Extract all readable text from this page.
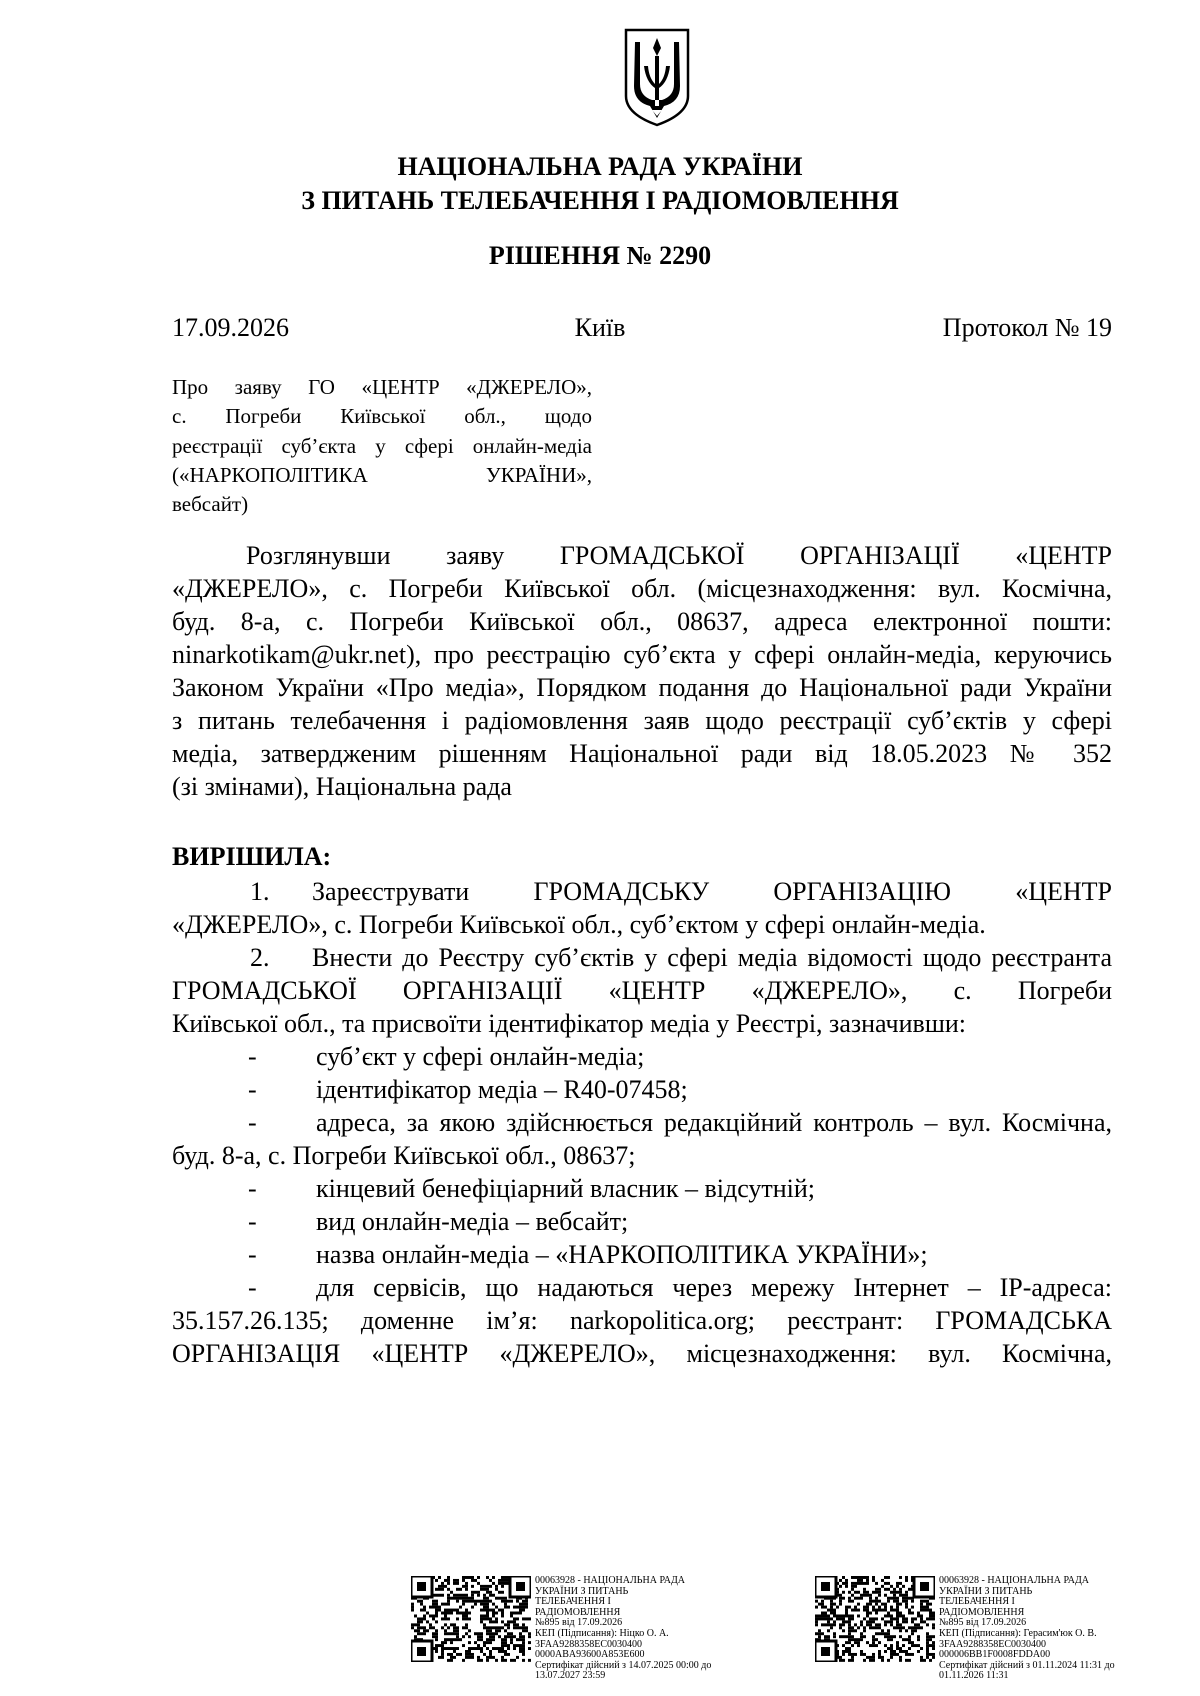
НАЦІОНАЛЬНА РАДА УКРАЇНИ
З ПИТАНЬ ТЕЛЕБАЧЕННЯ І РАДІОМОВЛЕННЯ
РІШЕННЯ № 2290
Київ
17.09.2026	Протокол № 19
Про заяву ГО «ЦЕНТР «ДЖЕРЕЛО»,
с. Погреби Київської обл., щодо
реєстрації суб’єкта у сфері онлайн-медіа
(«НАРКОПОЛІТИКА УКРАЇНИ»,
вебсайт)
Розглянувши заяву ГРОМАДСЬКОЇ ОРГАНІЗАЦІЇ «ЦЕНТР
«ДЖЕРЕЛО», с. Погреби Київської обл. (місцезнаходження: вул. Космічна,
буд. 8-а, с. Погреби Київської обл., 08637, адреса електронної пошти:
ninarkotikam@ukr.net), про реєстрацію суб’єкта у сфері онлайн-медіа, керуючись
Законом України «Про медіа», Порядком подання до Національної ради України
з питань телебачення і радіомовлення заяв щодо реєстрації суб’єктів у сфері
медіа, затвердженим рішенням Національної ради від 18.05.2023 № 352
(зі змінами), Національна рада
ВИРІШИЛА:
1. Зареєструвати ГРОМАДСЬКУ ОРГАНІЗАЦІЮ «ЦЕНТР
«ДЖЕРЕЛО», с. Погреби Київської обл., суб’єктом у сфері онлайн-медіа.
2. Внести до Реєстру суб’єктів у сфері медіа відомості щодо реєстранта
ГРОМАДСЬКОЇ ОРГАНІЗАЦІЇ «ЦЕНТР «ДЖЕРЕЛО», с. Погреби
Київської обл., та присвоїти ідентифікатор медіа у Реєстрі, зазначивши:
- суб’єкт у сфері онлайн-медіа;
- ідентифікатор медіа – R40-07458;
- адреса, за якою здійснюється редакційний контроль – вул. Космічна,
буд. 8-а, с. Погреби Київської обл., 08637;
- кінцевий бенефіціарний власник – відсутній;
- вид онлайн-медіа – вебсайт;
- назва онлайн-медіа – «НАРКОПОЛІТИКА УКРАЇНИ»;
- для сервісів, що надаються через мережу Інтернет – IP-адреса:
35.157.26.135; доменне ім’я: narkopolitica.org; реєстрант: ГРОМАДСЬКА
ОРГАНІЗАЦІЯ «ЦЕНТР «ДЖЕРЕЛО», місцезнаходження: вул. Космічна,
00063928 - НАЦІОНАЛЬНА РАДА
УКРАЇНИ З ПИТАНЬ
ТЕЛЕБАЧЕННЯ І
РАДІОМОВЛЕННЯ
№895 від 17.09.2026
КЕП (Підписання): Ніцко О. А.
3FAA9288358EC0030400
0000ABA93600A853E600
Сертифікат дійсний з 14.07.2025 00:00 до
13.07.2027 23:59
00063928 - НАЦІОНАЛЬНА РАДА
УКРАЇНИ З ПИТАНЬ
ТЕЛЕБАЧЕННЯ І
РАДІОМОВЛЕННЯ
№895 від 17.09.2026
КЕП (Підписання): Герасим'юк О. В.
3FAA9288358EC0030400
000006BB1F0008FDDA00
Сертифікат дійсний з 01.11.2024 11:31 до
01.11.2026 11:31
